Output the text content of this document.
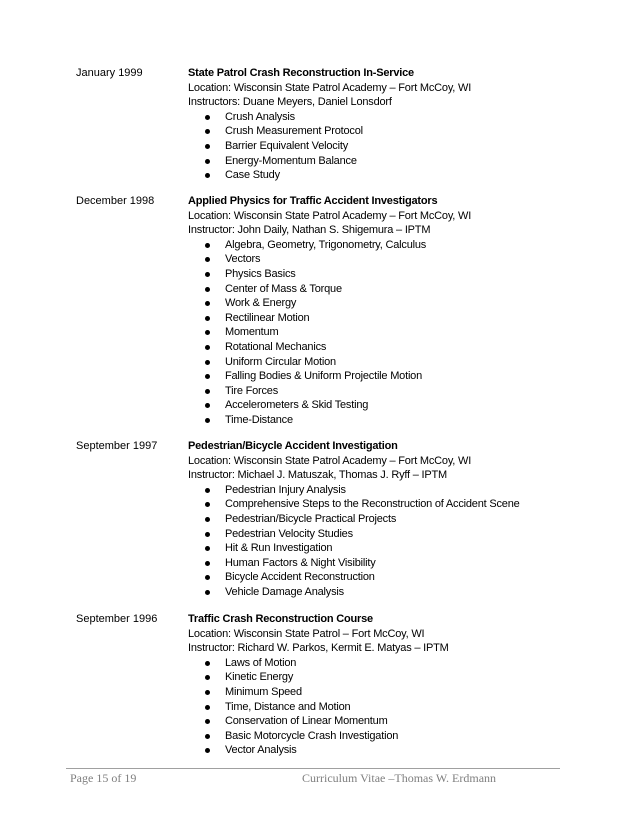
January 1999	State Patrol Crash Reconstruction In-Service
Location: Wisconsin State Patrol Academy – Fort McCoy, WI
Instructors: Duane Meyers, Daniel Lonsdorf
Crush Analysis
Crush Measurement Protocol
Barrier Equivalent Velocity
Energy-Momentum Balance
Case Study
December 1998	Applied Physics for Traffic Accident Investigators
Location: Wisconsin State Patrol Academy – Fort McCoy, WI
Instructor: John Daily, Nathan S. Shigemura – IPTM
Algebra, Geometry, Trigonometry, Calculus
Vectors
Physics Basics
Center of Mass & Torque
Work & Energy
Rectilinear Motion
Momentum
Rotational Mechanics
Uniform Circular Motion
Falling Bodies & Uniform Projectile Motion
Tire Forces
Accelerometers & Skid Testing
Time-Distance
September 1997	Pedestrian/Bicycle Accident Investigation
Location: Wisconsin State Patrol Academy – Fort McCoy, WI
Instructor: Michael J. Matuszak, Thomas J. Ryff – IPTM
Pedestrian Injury Analysis
Comprehensive Steps to the Reconstruction of Accident Scene
Pedestrian/Bicycle Practical Projects
Pedestrian Velocity Studies
Hit & Run Investigation
Human Factors & Night Visibility
Bicycle Accident Reconstruction
Vehicle Damage Analysis
September 1996	Traffic Crash Reconstruction Course
Location: Wisconsin State Patrol – Fort McCoy, WI
Instructor: Richard W. Parkos, Kermit E. Matyas – IPTM
Laws of Motion
Kinetic Energy
Minimum Speed
Time, Distance and Motion
Conservation of Linear Momentum
Basic Motorcycle Crash Investigation
Vector Analysis
Page 15 of 19	Curriculum Vitae –Thomas W. Erdmann
